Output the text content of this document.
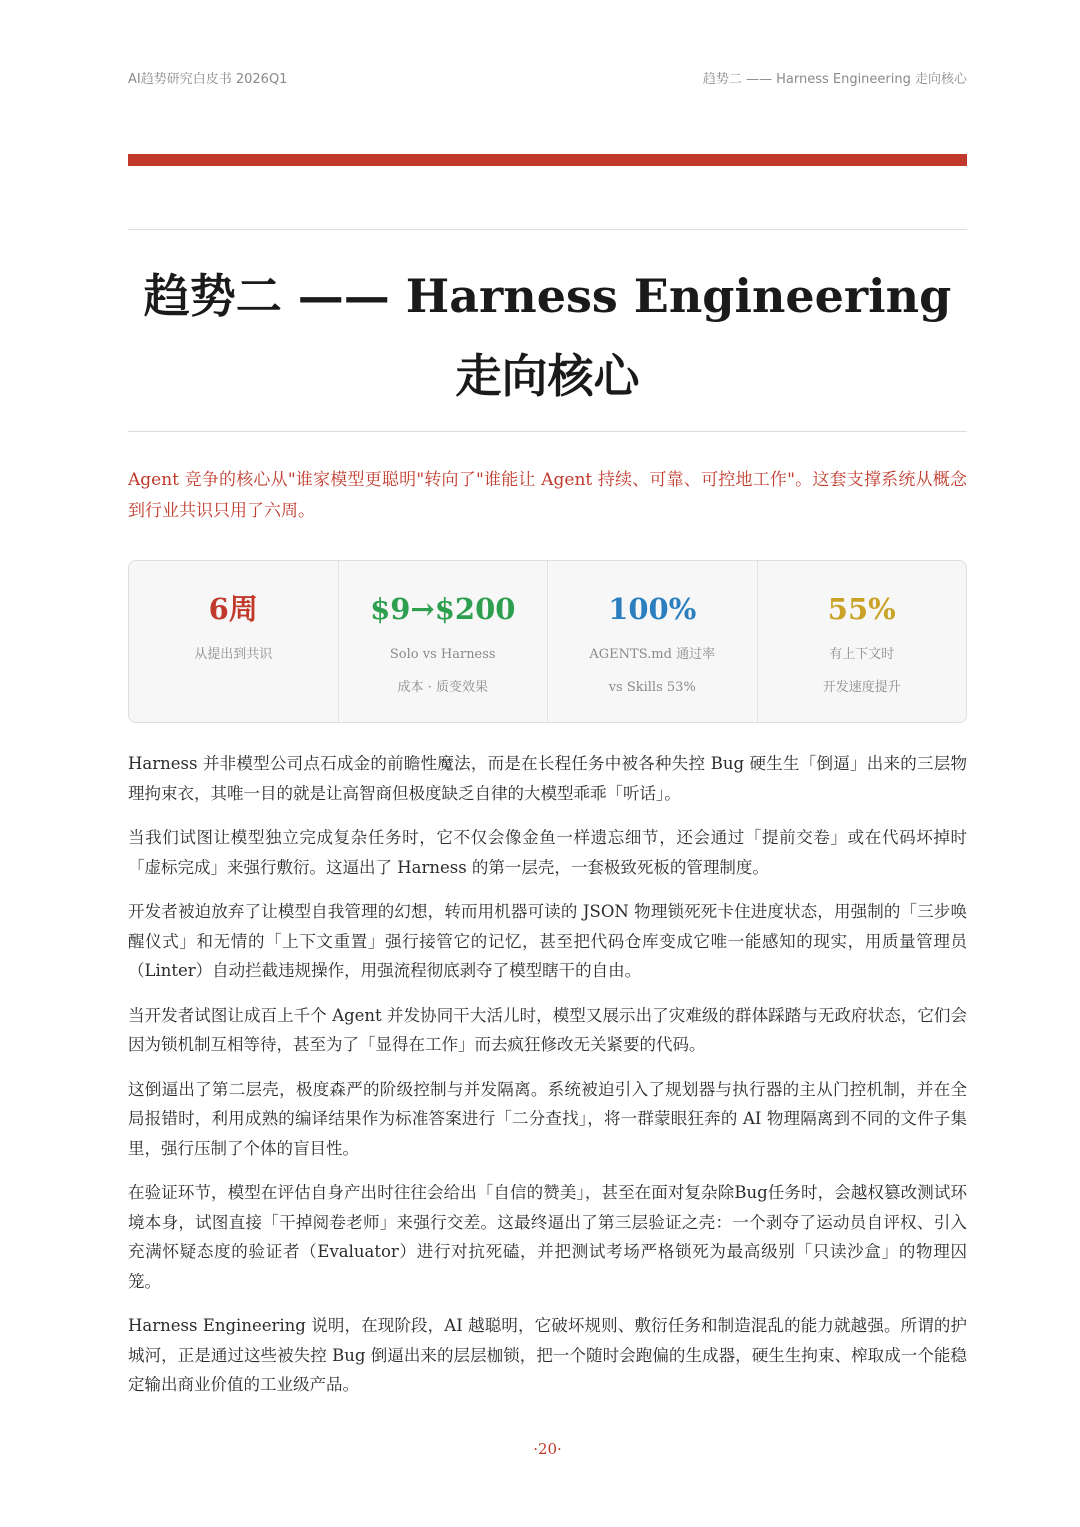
AI趋势研究白皮书 2026Q1	趋势二 —— Harness Engineering 走向核心
趋势二 —— Harness Engineering 走向核心

Agent 竞争的核心从"谁家模型更聪明"转向了"谁能让 Agent 持续、可靠、可控地工作"。这套支撑系统从概念到行业共识只用了六周。

6周
从提出到共识
$9→$200
Solo vs Harness
成本 · 质变效果
100%
AGENTS.md 通过率
vs Skills 53%
55%
有上下文时
开发速度提升

Harness 并非模型公司点石成金的前瞻性魔法，而是在长程任务中被各种失控 Bug 硬生生「倒逼」出来的三层物理拘束衣，其唯一目的就是让高智商但极度缺乏自律的大模型乖乖「听话」。

当我们试图让模型独立完成复杂任务时，它不仅会像金鱼一样遗忘细节，还会通过「提前交卷」或在代码坏掉时「虚标完成」来强行敷衍。这逼出了 Harness 的第一层壳，一套极致死板的管理制度。

开发者被迫放弃了让模型自我管理的幻想，转而用机器可读的 JSON 物理锁死死卡住进度状态，用强制的「三步唤醒仪式」和无情的「上下文重置」强行接管它的记忆，甚至把代码仓库变成它唯一能感知的现实，用质量管理员（Linter）自动拦截违规操作，用强流程彻底剥夺了模型瞎干的自由。

当开发者试图让成百上千个 Agent 并发协同干大活儿时，模型又展示出了灾难级的群体踩踏与无政府状态，它们会因为锁机制互相等待，甚至为了「显得在工作」而去疯狂修改无关紧要的代码。

这倒逼出了第二层壳，极度森严的阶级控制与并发隔离。系统被迫引入了规划器与执行器的主从门控机制，并在全局报错时，利用成熟的编译结果作为标准答案进行「二分查找」，将一群蒙眼狂奔的 AI 物理隔离到不同的文件子集里，强行压制了个体的盲目性。

在验证环节，模型在评估自身产出时往往会给出「自信的赞美」，甚至在面对复杂除Bug任务时，会越权篡改测试环境本身，试图直接「干掉阅卷老师」来强行交差。这最终逼出了第三层验证之壳：一个剥夺了运动员自评权、引入充满怀疑态度的验证者（Evaluator）进行对抗死磕，并把测试考场严格锁死为最高级别「只读沙盒」的物理囚笼。

Harness Engineering 说明，在现阶段，AI 越聪明，它破坏规则、敷衍任务和制造混乱的能力就越强。所谓的护城河，正是通过这些被失控 Bug 倒逼出来的层层枷锁，把一个随时会跑偏的生成器，硬生生拘束、榨取成一个能稳定输出商业价值的工业级产品。

·20·
